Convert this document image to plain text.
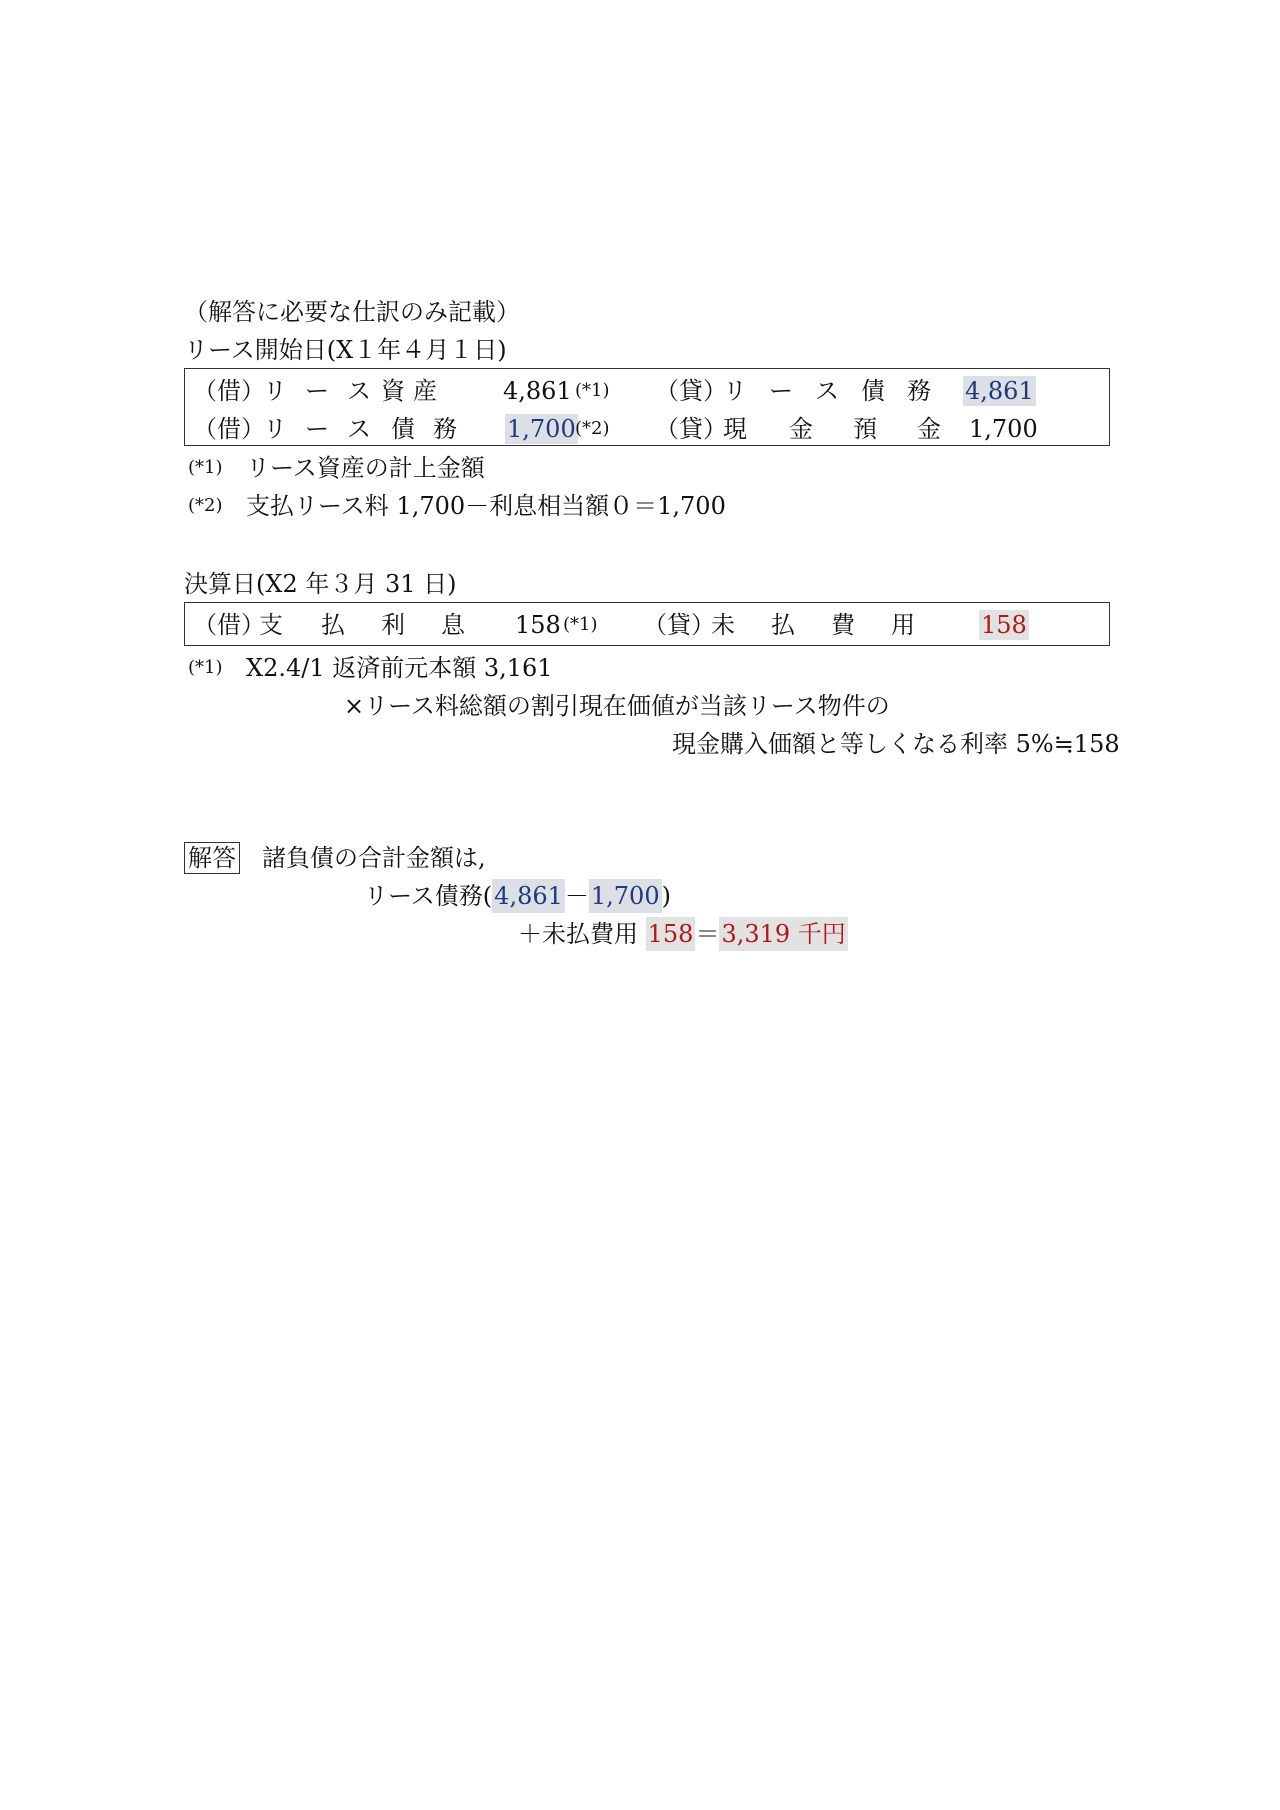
（解答に必要な仕訳のみ記載）
リース開始日(X１年４月１日)
（借）
リ ー ス 資 産	4,861 (*1) （貸）
リ ー ス 債 務 4,861
（借）
リ ー ス 債 務 1,700 (*2) （貸）
現 金 預 金 1,700
(*1) リース資産の計上金額
(*2) 支払リース料 1,700－利息相当額０＝1,700
決算日(X2 年３月 31 日)
（借）
支 払 利 息 158 (*1) （貸）
未 払 費 用	158
(*1) X2.4/1 返済前元本額 3,161
×リース料総額の割引現在価値が当該リース物件の
現金購入価額と等しくなる利率 5%≒158
解答 諸負債の合計金額は,
リース債務(4,861－1,700)
＋未払費用 158＝3,319 千円
